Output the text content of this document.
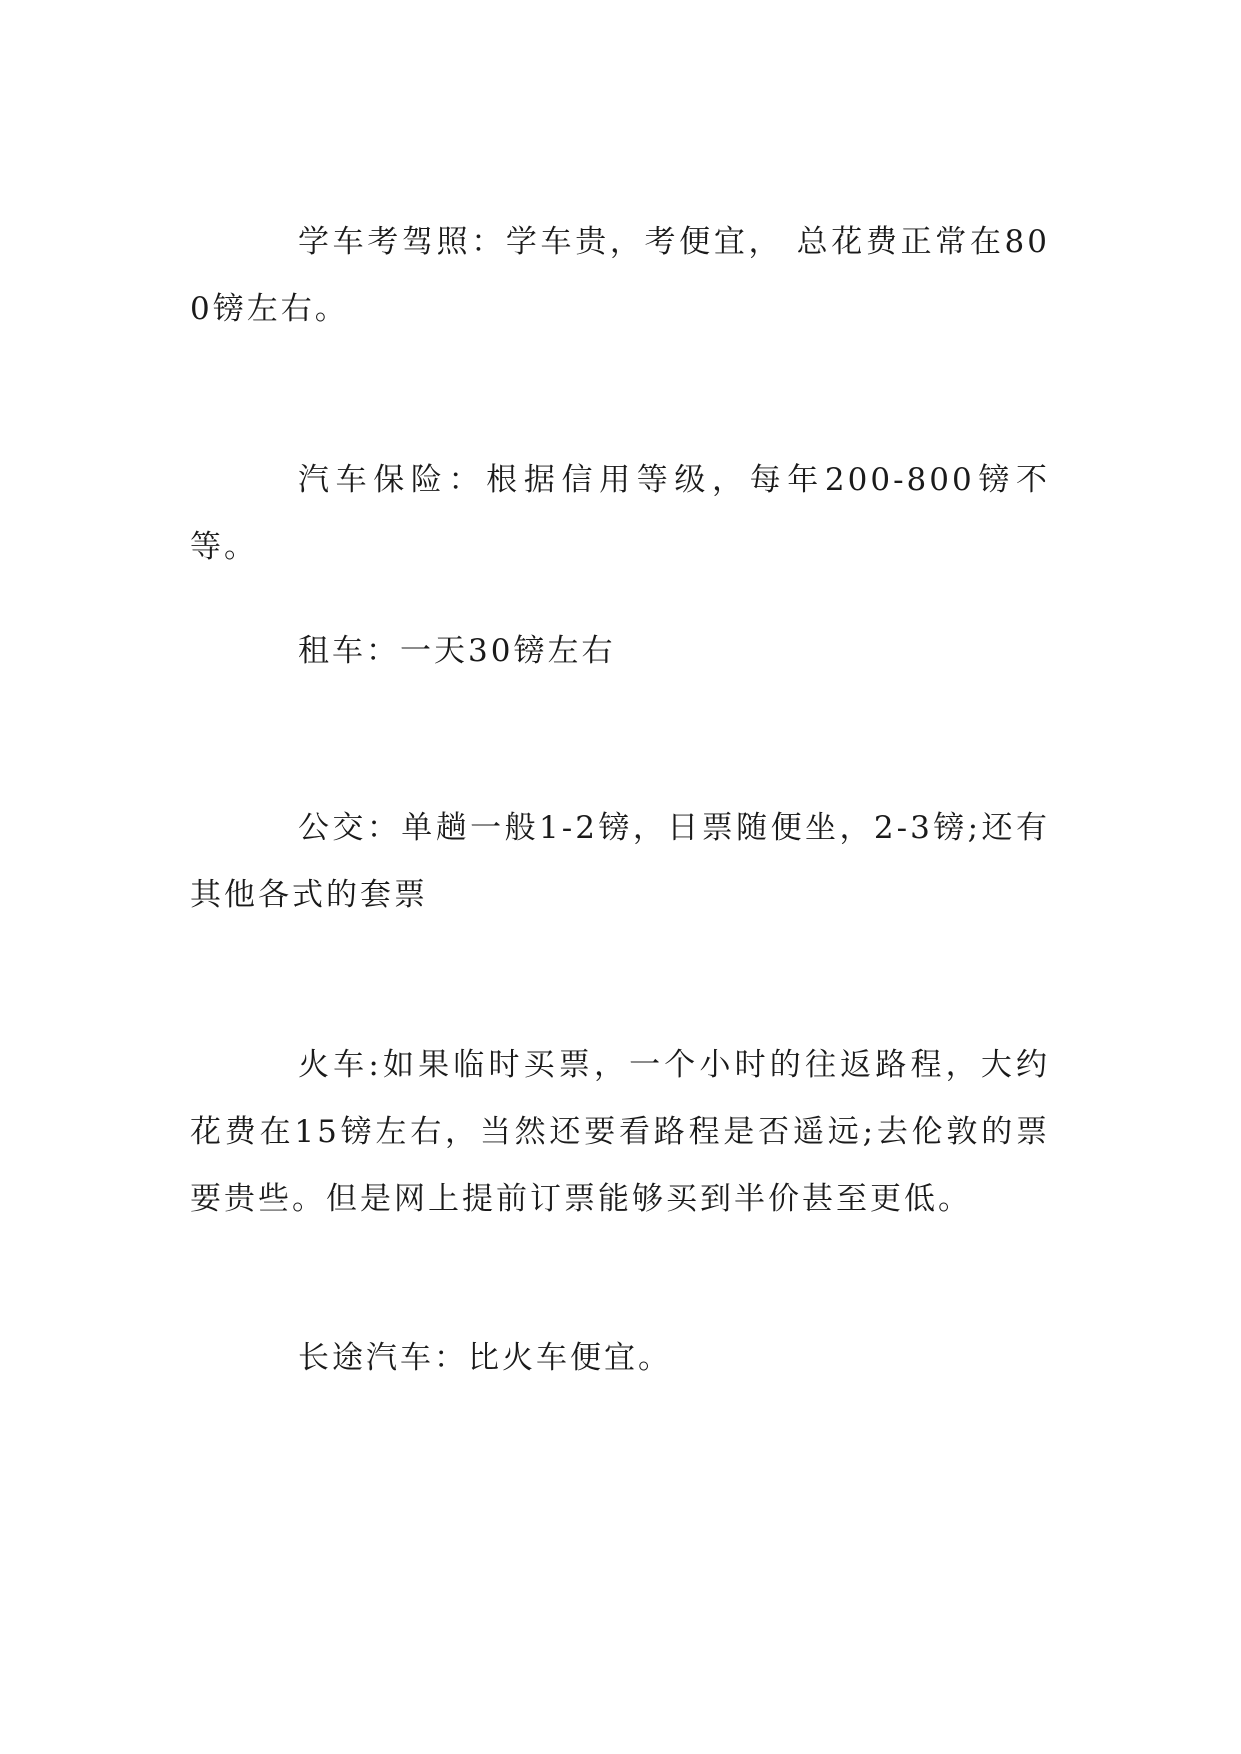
学车考驾照：学车贵，考便宜， 总花费正常在800镑左右。

汽车保险：根据信用等级，每年200-800镑不等。

租车：一天30镑左右

公交：单趟一般1-2镑，日票随便坐，2-3镑;还有其他各式的套票

火车:如果临时买票，一个小时的往返路程，大约花费在15镑左右，当然还要看路程是否遥远;去伦敦的票要贵些。但是网上提前订票能够买到半价甚至更低。

长途汽车：比火车便宜。
